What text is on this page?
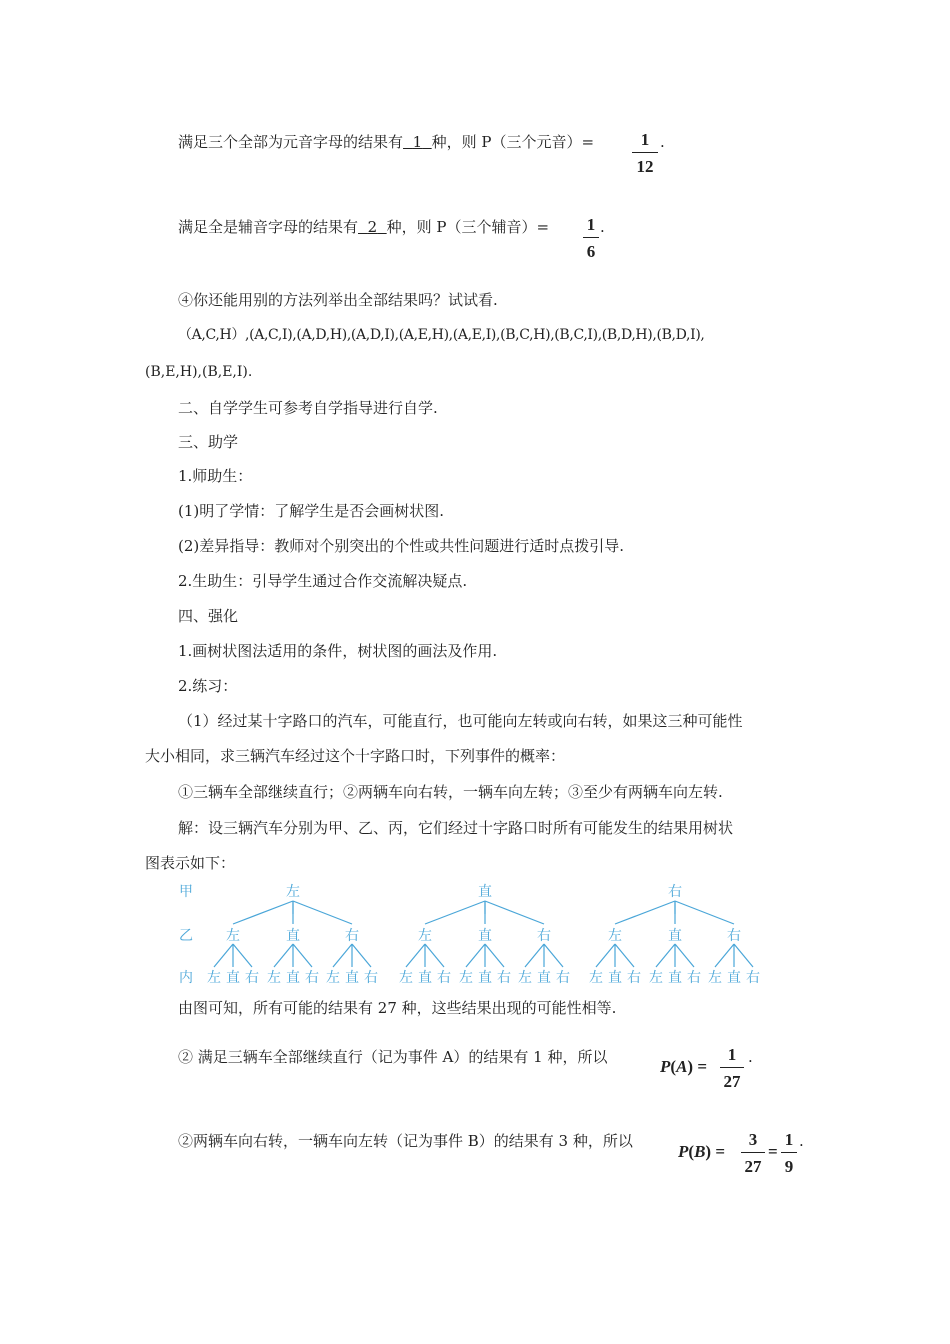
满足三个全部为元音字母的结果有 1 种，则 P（三个元音）=	1
12
.
满足全是辅音字母的结果有 2 种，则 P（三个辅音）= 1
6
.
④你还能用别的方法列举出全部结果吗？试试看.
（A,C,H）,(A,C,I),(A,D,H),(A,D,I),(A,E,H),(A,E,I),(B,C,H),(B,C,I),(B,D,H),(B,D,I),
(B,E,H),(B,E,I).
二、自学学生可参考自学指导进行自学.
三、助学
1.师助生：
(1)明了学情：了解学生是否会画树状图.
(2)差异指导：教师对个别突出的个性或共性问题进行适时点拨引导.
2.生助生：引导学生通过合作交流解决疑点.
四、强化
1.画树状图法适用的条件，树状图的画法及作用.
2.练习：
（1）经过某十字路口的汽车，可能直行，也可能向左转或向右转，如果这三种可能性
大小相同，求三辆汽车经过这个十字路口时，下列事件的概率：
①三辆车全部继续直行；②两辆车向右转，一辆车向左转；③至少有两辆车向左转.
解：设三辆汽车分别为甲、乙、丙，它们经过十字路口时所有可能发生的结果用树状
图表示如下：
甲
乙
内
左
左
左 直 右
直
左 直 右
右
左 直 右
直
左
左 直 右
直
左 直 右
右
左 直 右
右
左
左 直 右
直
左 直 右
右
左 直 右
由图可知，所有可能的结果有 27 种，这些结果出现的可能性相等.
② 满足三辆车全部继续直行（记为事件 A）的结果有 1 种，所以	P(A) =
1
27
.
②两辆车向右转，一辆车向左转（记为事件 B）的结果有 3 种，所以
P(B) =
3
27
=
1
9
.
